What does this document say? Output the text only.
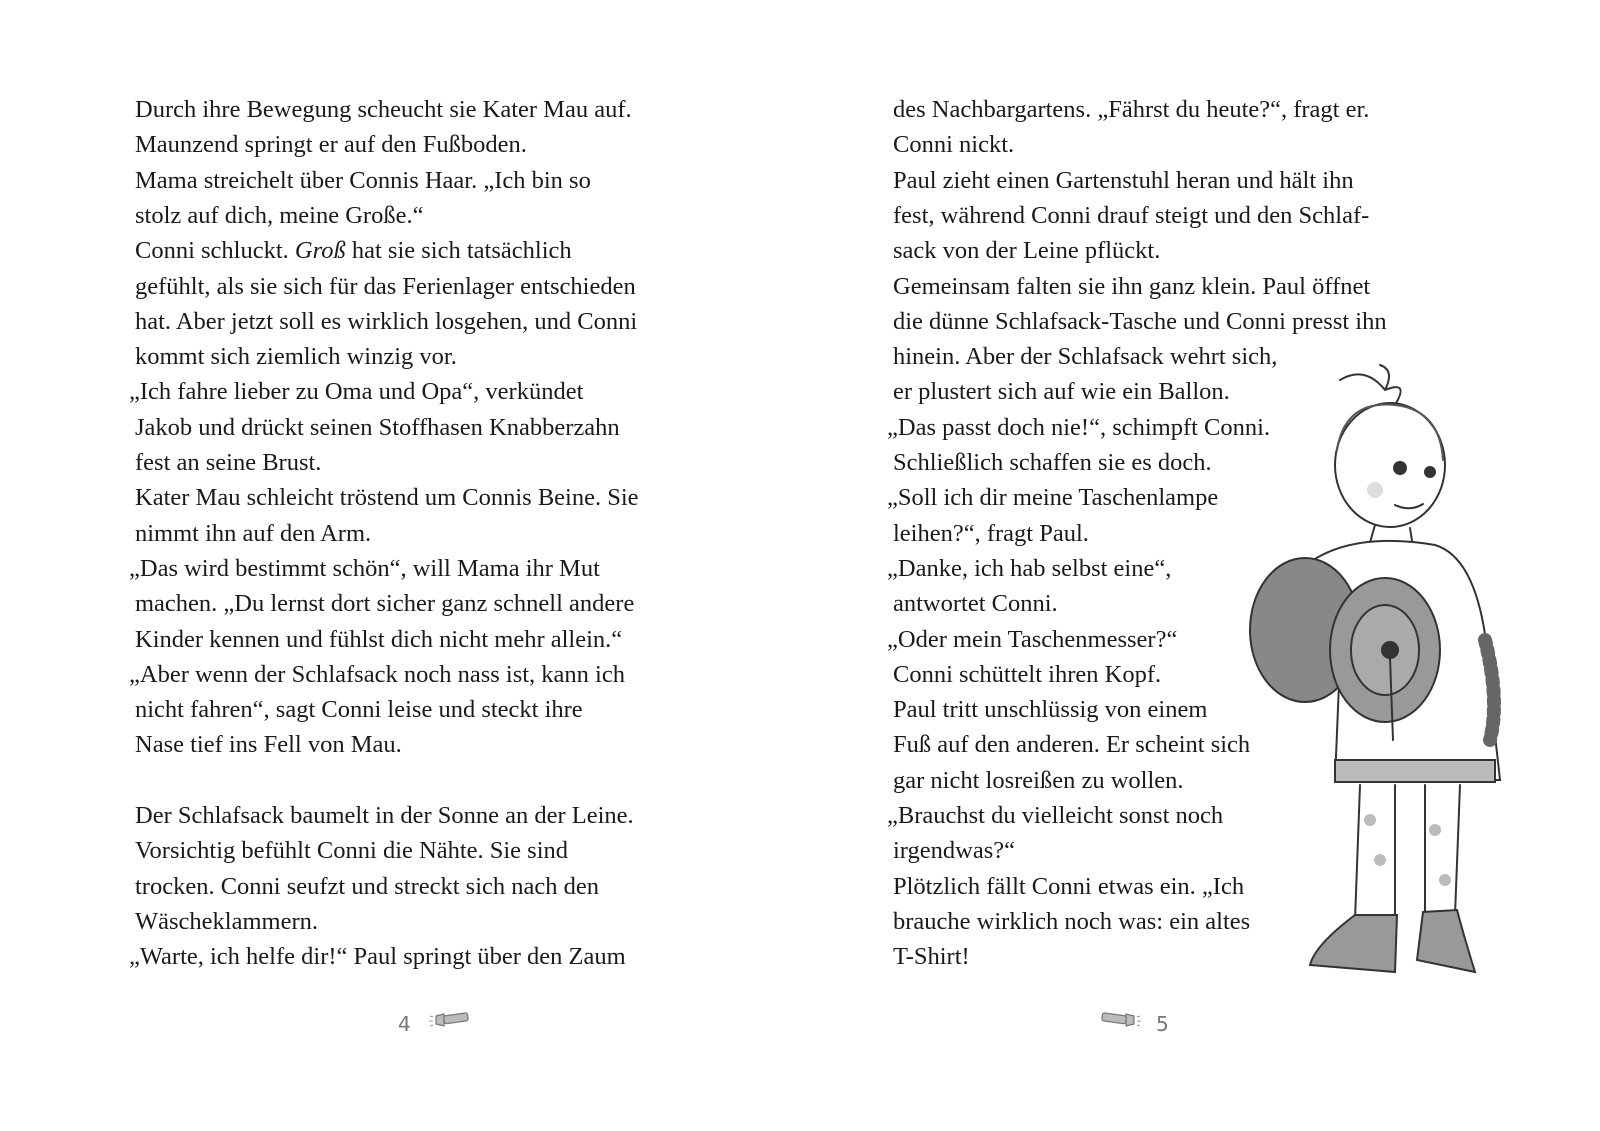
Durch ihre Bewegung scheucht sie Kater Mau auf.
Maunzend springt er auf den Fußboden.
Mama streichelt über Connis Haar. „Ich bin so
stolz auf dich, meine Große.“
Conni schluckt. Groß hat sie sich tatsächlich
gefühlt, als sie sich für das Ferienlager entschieden
hat. Aber jetzt soll es wirklich losgehen, und Conni
kommt sich ziemlich winzig vor.
„Ich fahre lieber zu Oma und Opa“, verkündet
Jakob und drückt seinen Stoffhasen Knabberzahn
fest an seine Brust.
Kater Mau schleicht tröstend um Connis Beine. Sie
nimmt ihn auf den Arm.
„Das wird bestimmt schön“, will Mama ihr Mut
machen. „Du lernst dort sicher ganz schnell andere
Kinder kennen und fühlst dich nicht mehr allein.“
„Aber wenn der Schlafsack noch nass ist, kann ich
nicht fahren“, sagt Conni leise und steckt ihre
Nase tief ins Fell von Mau.
Der Schlafsack baumelt in der Sonne an der Leine.
Vorsichtig befühlt Conni die Nähte. Sie sind
trocken. Conni seufzt und streckt sich nach den
Wäscheklammern.
„Warte, ich helfe dir!“ Paul springt über den Zaum
des Nachbargartens. „Fährst du heute?“, fragt er.
Conni nickt.
Paul zieht einen Gartenstuhl heran und hält ihn
fest, während Conni drauf steigt und den Schlaf-
sack von der Leine pflückt.
Gemeinsam falten sie ihn ganz klein. Paul öffnet
die dünne Schlafsack-Tasche und Conni presst ihn
hinein. Aber der Schlafsack wehrt sich,
er plustert sich auf wie ein Ballon.
„Das passt doch nie!“, schimpft Conni.
Schließlich schaffen sie es doch.
„Soll ich dir meine Taschenlampe
leihen?“, fragt Paul.
„Danke, ich hab selbst eine“,
antwortet Conni.
„Oder mein Taschenmesser?“
Conni schüttelt ihren Kopf.
Paul tritt unschlüssig von einem
Fuß auf den anderen. Er scheint sich
gar nicht losreißen zu wollen.
„Brauchst du vielleicht sonst noch
irgendwas?“
Plötzlich fällt Conni etwas ein. „Ich
brauche wirklich noch was: ein altes
T-Shirt!
4	5
